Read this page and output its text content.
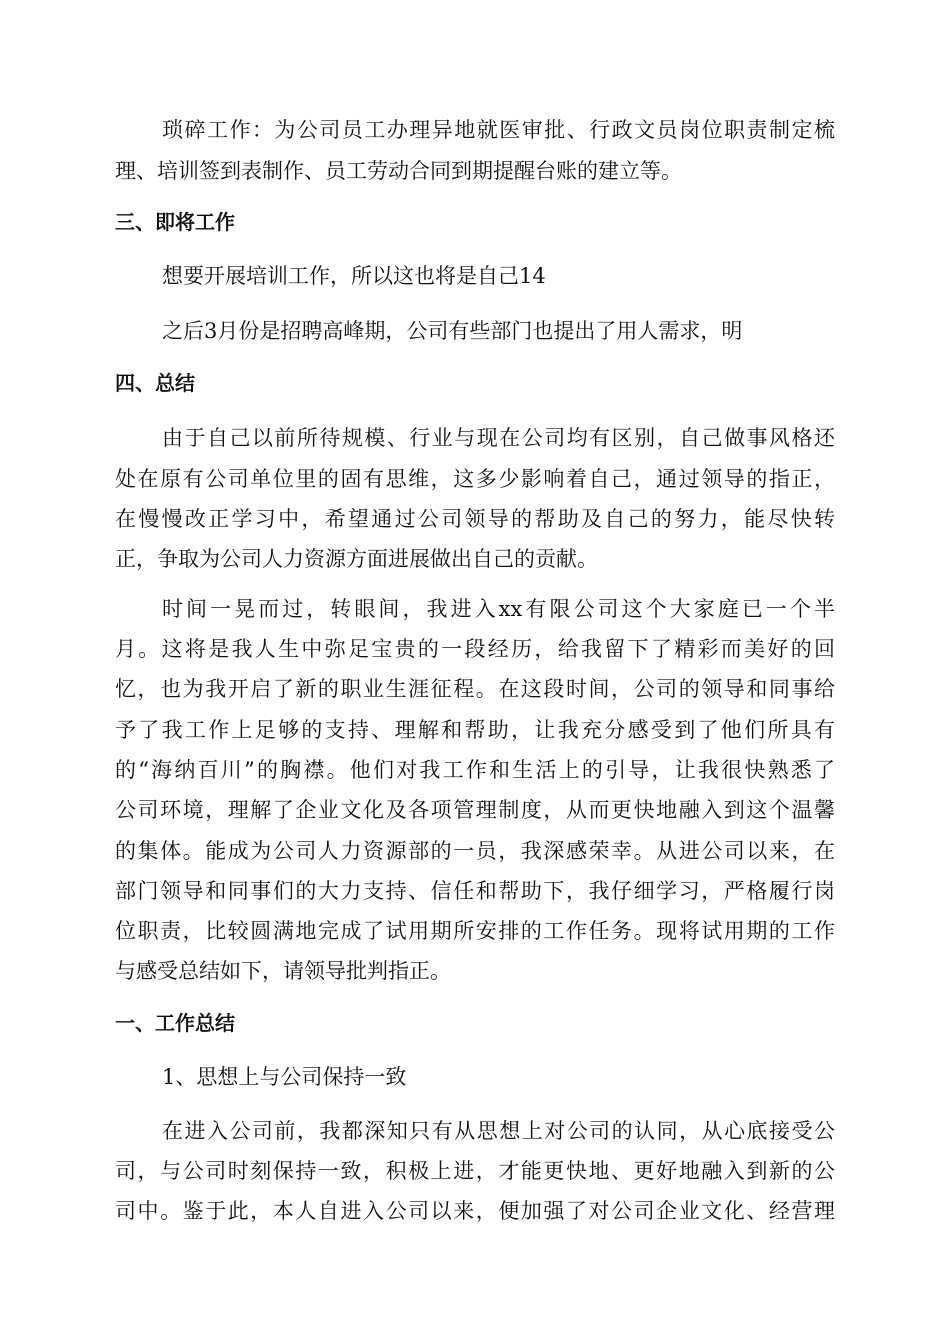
琐碎工作：为公司员工办理异地就医审批、行政文员岗位职责制定梳
理、培训签到表制作、员工劳动合同到期提醒台账的建立等。
三、即将工作
想要开展培训工作，所以这也将是自己14
之后3月份是招聘高峰期，公司有些部门也提出了用人需求，明
四、总结
由于自己以前所待规模、行业与现在公司均有区别，自己做事风格还
处在原有公司单位里的固有思维，这多少影响着自己，通过领导的指正，
在慢慢改正学习中，希望通过公司领导的帮助及自己的努力，能尽快转
正，争取为公司人力资源方面进展做出自己的贡献。
时间一晃而过，转眼间，我进入xx有限公司这个大家庭已一个半
月。这将是我人生中弥足宝贵的一段经历，给我留下了精彩而美好的回
忆，也为我开启了新的职业生涯征程。在这段时间，公司的领导和同事给
予了我工作上足够的支持、理解和帮助，让我充分感受到了他们所具有
的“海纳百川”的胸襟。他们对我工作和生活上的引导，让我很快熟悉了
公司环境，理解了企业文化及各项管理制度，从而更快地融入到这个温馨
的集体。能成为公司人力资源部的一员，我深感荣幸。从进公司以来，在
部门领导和同事们的大力支持、信任和帮助下，我仔细学习，严格履行岗
位职责，比较圆满地完成了试用期所安排的工作任务。现将试用期的工作
与感受总结如下，请领导批判指正。
一、工作总结
1、思想上与公司保持一致
在进入公司前，我都深知只有从思想上对公司的认同，从心底接受公
司，与公司时刻保持一致，积极上进，才能更快地、更好地融入到新的公
司中。鉴于此，本人自进入公司以来，便加强了对公司企业文化、经营理
